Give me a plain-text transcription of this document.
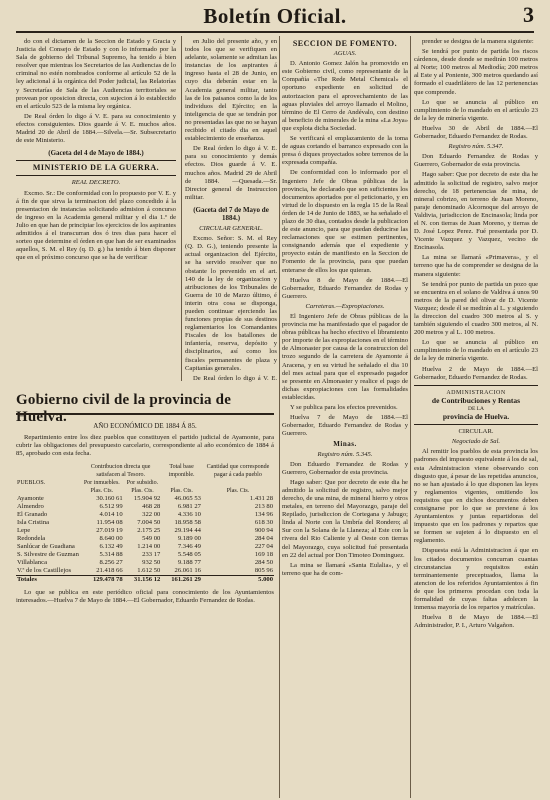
Boletín Oficial.	3

do con el dictamen de la Seccion de Estado y Gracia y Justicia del Consejo de Estado y con lo informado por la Sala de gobierno del Tribunal Supremo, ha tenido á bien resolver que mientras los Secretarios de las Audiencias de lo criminal no estén nombrados conforme al artículo 52 de la ley adicional á la orgánica del Poder judicial, las Relatorías y Secretarías de Sala de las Audiencias territoriales se provean por oposicion directa, con sujecion á lo establecido en el artículo 523 de la misma ley orgánica.

De Real órden lo digo á V. E. para su conocimiento y efectos consiguientes. Dios guarde á V. E. muchos años. Madrid 20 de Abril de 1884.—Silvela.—Sr. Subsecretario de este Ministerio.

(Gaceta del 4 de Mayo de 1884.)
MINISTERIO DE LA GUERRA.
REAL DECRETO.

Excmo. Sr.: De conformidad con lo propuesto por V. E. y á fin de que sirva la terminacion del plazo concedido á la presentacion de instancias solicitando admision á concurso de ingreso en la Academia general militar y el dia 1.º de Julio en que han de principiar los ejercicios de los aspirantes admitidos á el transcurran dos ó tres dias para hacer el sorteo que determine el órden en que han de ser examinados aquellos, S. M. el Rey (q. D. g.) ha tenido á bien disponer que en el próximo concurso que se ha de verificar

en Julio del presente año, y en todos los que se verifiquen en adelante, solamente se admitan las instancias de los aspirantes á ingreso hasta el 28 de Junio, en cuyo dia deberán estar en la Academia general militar, tanto las de los paisanos como la de los individuos del Ejército; en la inteligencia de que se tendrán por no presentadas las que no se hayan recibido el citado dia en aquel establecimiento de enseñanza.

De Real órden lo digo á V. E. para su conocimiento y demás efectos. Dios guarde á V. E. muchos años. Madrid 29 de Abril de 1884. —Quesada.—Sr. Director general de Instruccion militar.

(Gaceta del 7 de Mayo de 1884.)
CIRCULAR GENERAL.

Excmo. Señor: S. M. el Rey (Q. D. G.), teniendo presente la actual organizacion del Ejército, se ha servido resolver que no obstante lo prevenido en el art. 140 de la ley de organizacion y atribuciones de los Tribunales de Guerra de 10 de Marzo último, é interin otra cosa se disponga, pueden continuar ejerciendo las funciones propias de sus destinos reglamentarios los Comandantes Fiscales de los batallones de infantería, reserva, depósito y disciplinarios, así como los fiscales permanentes de plaza y Capitanías generales.

De Real órden lo digo á V. E.

SECCION DE FOMENTO.
AGUAS.

D. Antonio Gomez Jalón ha promovido en este Gobierno civil, como representante de la Compañía «The Rede Metal Chemical» el oportuno expediente en solicitud de autorizacion para el aprovechamiento de las aguas pluviales del arroyo llamado el Molino, término de El Cerro de Andévalo, con destino al beneficio de minerales de la mina «La Joya» que explota dicha Sociedad.

Se verificará el emplazamiento de la toma de aguas cortando el barranco expresado con la presa ó diques proyectados sobre terrenos de la expresada compañía.

De conformidad con lo informado por el Ingeniero Jefe de Obras públicas de la provincia, he declarado que son suficientes los documentos aportados por el peticionario, y en virtud de lo dispuesto en la regla 15 de la Real órden de 14 de Junio de 1883, se ha señalado el plazo de 30 dias, contados desde la publicacion de este anuncio, para que puedan deducirse las reclamaciones que se estimen pertinentes, consignando además que el expediente y proyecto están de manifiesto en la Seccion de Fomento de la provincia, para que puedan enterarse de ellos los que quieran.

Huelva 8 de Mayo de 1884.—El Gobernador, Eduardo Fernandez de Rodas y Guerrero.

Carreteras.—Expropiaciones.

El Ingeniero Jefe de Obras públicas de la provincia me ha manifestado que el pagador de obras públicas ha hecho efectivo el libramiento por importe de las expropiaciones en el término de Almonaster por causa de la construccion del trozo segundo de la carretera de Ayamonte á Aracena, y en su virtud he señalado el dia 10 del mes actual para que el expresado pagador se presente en Almonaster y realice el pago de dichas expropiaciones con las formalidades establecidas.

Y se publica para los efectos prevenidos.

Huelva 7 de Mayo de 1884.—El Gobernador, Eduardo Fernandez de Rodas y Guerrero.

Minas.
Registro núm. 5.345.

Don Eduardo Fernandez de Rodas y Guerrero, Gobernador de esta provincia.

Hago saber: Que por decreto de este dia he admitido la solicitud de registro, salvo mejor derecho, de una mina, de mineral hierro y otros metales, en terreno del Mayorazgo, paraje del Repilado, jurisdiccion de Cortegana y Jabugo; linda al Norte con la Umbría del Rondero; al Sur con la Solana de la Llaneza; al Este con la rivera del Rio Caliente y al Oeste con tierras del Mayorazgo, cuya solicitud fué presentada en 22 del actual por Don Timoteo Dominguez.

La mina se llamará «Santa Eulalia», y el terreno que ha de com-

prender se designa de la manera siguiente:

Se tendrá por punto de partida los riscos cárdenos, desde donde se medirán 100 metros al Norte; 100 metros al Mediodía; 200 metros al Este y al Poniente, 300 metros quedando así formado el cuadrilátero de las 12 pertenencias que comprende.

Lo que se anuncia al público en cumplimiento de lo mandado en el artículo 23 de la ley de minería vigente.

Huelva 30 de Abril de 1884.—El Gobernador, Eduardo Fernandez de Rodas.

Registro núm. 5.347.

Don Eduardo Fernandez de Rodas y Guerrero, Gobernador de esta provincia.

Hago saber: Que por decreto de este dia he admitido la solicitud de registro, salvo mejor derecho, de 18 pertenencias de mina, de mineral cobrizo, en terreno de Juan Moreno, paraje denominado Alcornoque del arroyo de Valdivia, jurisdiccion de Encinasola; linda por el N. con tierras de Juan Moreno, y tierras de D. José Lopez Perez. Fué presentada por D. Vicente Vazquez y Vazquez, vecino de Encinasola.

La mina se llamará «Primavera», y el terreno que ha de comprender se designa de la manera siguiente:

Se tendrá por punto de partida un pozo que se encuentra en el solano de Valdiva á unos 90 metros de la pared del olivar de D. Vicente Vazquez; desde él se medirán al L. y siguiendo la direccion del cuadro 300 metros al S. y también siguiendo el cuadro 300 metros, al N. 200 metros y al L. 100 metros.

Lo que se anuncia al público en cumplimiento de lo mandado en el artículo 23 de la ley de minería vigente.

Huelva 2 de Mayo de 1884.—El Gobernador, Eduardo Fernandez de Rodas.

ADMINISTRACION
de Contribuciones y Rentas
DE LA
provincia de Huelva.
CIRCULAR.
Negociado de Sal.

Al remitir los pueblos de esta provincia los padrones del impuesto equivalente á los de sal, esta Administracion viene observando con disgusto que, á pesar de las repetidas anuncios, no se han ajustado á lo que disponen las leyes y reglamentos vigentes, omitiendo los requisitos que en dichos documentos deben consignarse por lo que se previene á los Ayuntamientos y juntas repartidoras del impuesto que en los padrones y repartos que se formen se sujeten á lo dispuesto en el reglamento.

Dispuesta está la Administracion á que en los citados documentos concurran cuantas circunstancias y requisitos están terminantemente preceptuados, llama la atencion de los referidos Ayuntamientos á fin de que los primeros procedan con toda la formalidad de cuyas faltas adolecen la inmensa mayoría de los repartos y matrículas.

Huelva 8 de Mayo de 1884.—El Administrador, P. I., Arturo Valgañon.

Gobierno civil de la provincia de Huelva.
AÑO ECONÓMICO DE 1884 Á 85.
Repartimiento entre los diez pueblos que constituyen el partido judicial de Ayamonte, para cubrir las obligaciones del presupuesto carcelario, correspondiente al año económico de 1884 á 85, aprobado con esta fecha.
PUEBLOS.	Contribucion directa que satisfacen al Tesoro.		Total base imponible.	Cantidad que corresponde pagar á cada pueblo
	Por inmuebles.	Por subsidio.		
	Plas. Cts.	Plas. Cts.	Plas. Cts.	Plas. Cts.
Ayamonte	30.160 61	15.904 92	46.065 53	1.431 28
Almendro	6.512 99	468 28	6.981 27	213 80
El Granado	4.014 10	322 00	4.336 10	134 96
Isla Cristina	11.954 08	7.004 50	18.958 58	618 30
Lepe	27.019 19	2.175 25	29.194 44	900 94
Redondela	8.640 00	549 00	9.189 00	284 04
Sanlúcar de Guadiana	6.132 49	1.214 00	7.346 49	227 04
S. Silvestre de Guzman	5.314 88	233 17	5.548 05	169 18
Villablanca	8.256 27	932 50	9.188 77	284 50
V.ª de los Castillejos	21.418 66	1.612 50	26.061 16	805 96
Totales	129.478 78	31.156 12	161.261 29	5.000
Lo que se publica en este periódico oficial para conocimiento de los Ayuntamientos interesados.—Huelva 7 de Mayo de 1884.—El Gobernador, Eduardo Fernandez de Rodas.
